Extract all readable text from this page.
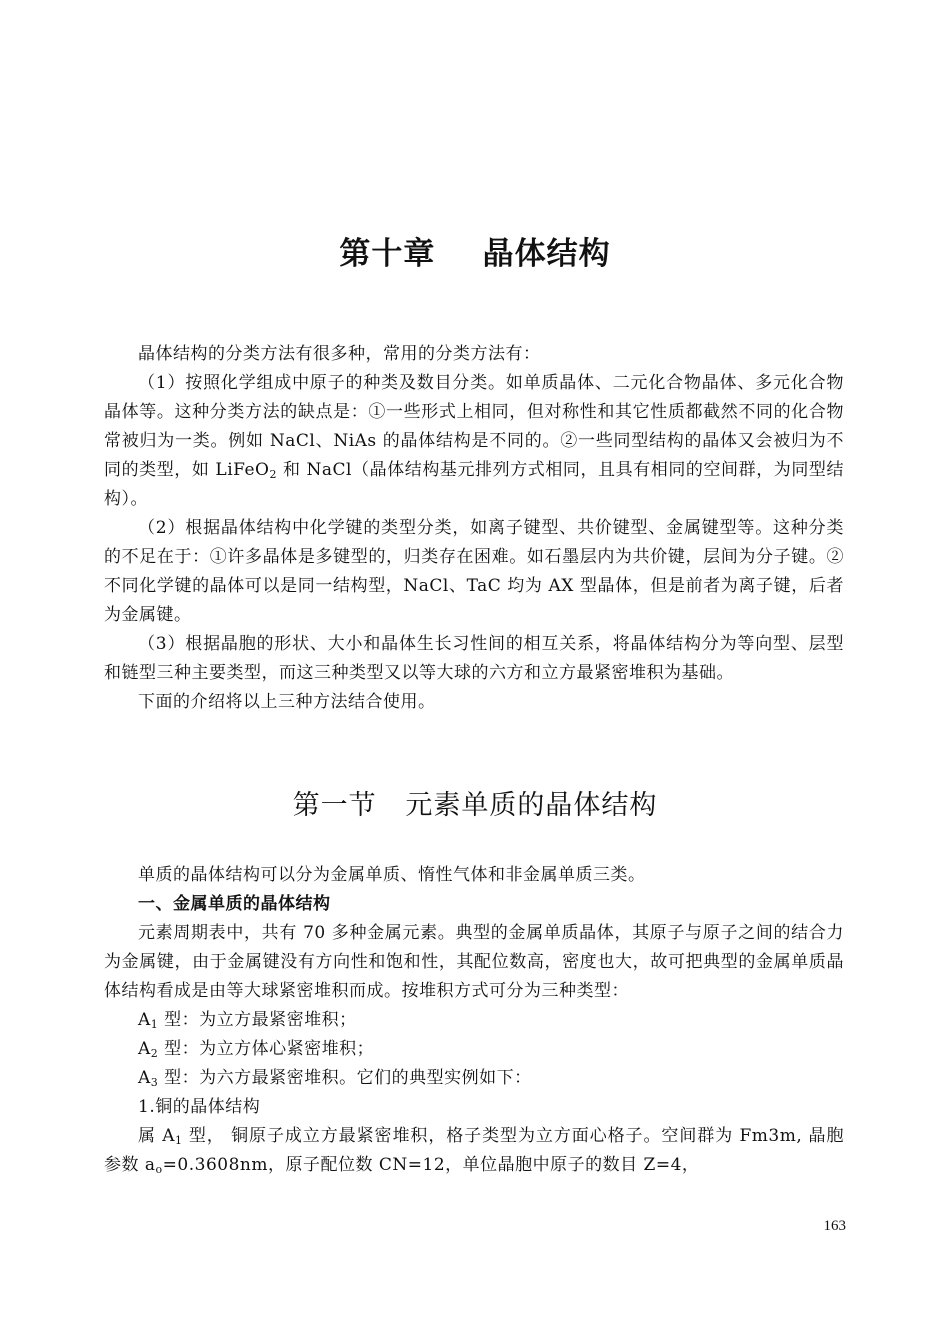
第十章 晶体结构

晶体结构的分类方法有很多种，常用的分类方法有：

（1）按照化学组成中原子的种类及数目分类。如单质晶体、二元化合物晶体、多元化合物晶体等。这种分类方法的缺点是：①一些形式上相同，但对称性和其它性质都截然不同的化合物常被归为一类。例如 NaCl、NiAs 的晶体结构是不同的。②一些同型结构的晶体又会被归为不同的类型，如 LiFeO$_2$ 和 NaCl（晶体结构基元排列方式相同，且具有相同的空间群，为同型结构）。

（2）根据晶体结构中化学键的类型分类，如离子键型、共价键型、金属键型等。这种分类的不足在于：①许多晶体是多键型的，归类存在困难。如石墨层内为共价键，层间为分子键。②不同化学键的晶体可以是同一结构型，NaCl、TaC 均为 AX 型晶体，但是前者为离子键，后者为金属键。

（3）根据晶胞的形状、大小和晶体生长习性间的相互关系，将晶体结构分为等向型、层型和链型三种主要类型，而这三种类型又以等大球的六方和立方最紧密堆积为基础。

下面的介绍将以上三种方法结合使用。

第一节 元素单质的晶体结构

单质的晶体结构可以分为金属单质、惰性气体和非金属单质三类。

一、金属单质的晶体结构

元素周期表中，共有 70 多种金属元素。典型的金属单质晶体，其原子与原子之间的结合力为金属键，由于金属键没有方向性和饱和性，其配位数高，密度也大，故可把典型的金属单质晶体结构看成是由等大球紧密堆积而成。按堆积方式可分为三种类型：

$A_1$ 型：为立方最紧密堆积；

$A_2$ 型：为立方体心紧密堆积；

$A_3$ 型：为六方最紧密堆积。它们的典型实例如下：

1.铜的晶体结构

属 $A_1$ 型， 铜原子成立方最紧密堆积，格子类型为立方面心格子。空间群为 Fm3m, 晶胞参数 $a_o=0.3608nm$，原子配位数 CN=12，单位晶胞中原子的数目 Z=4，

163
